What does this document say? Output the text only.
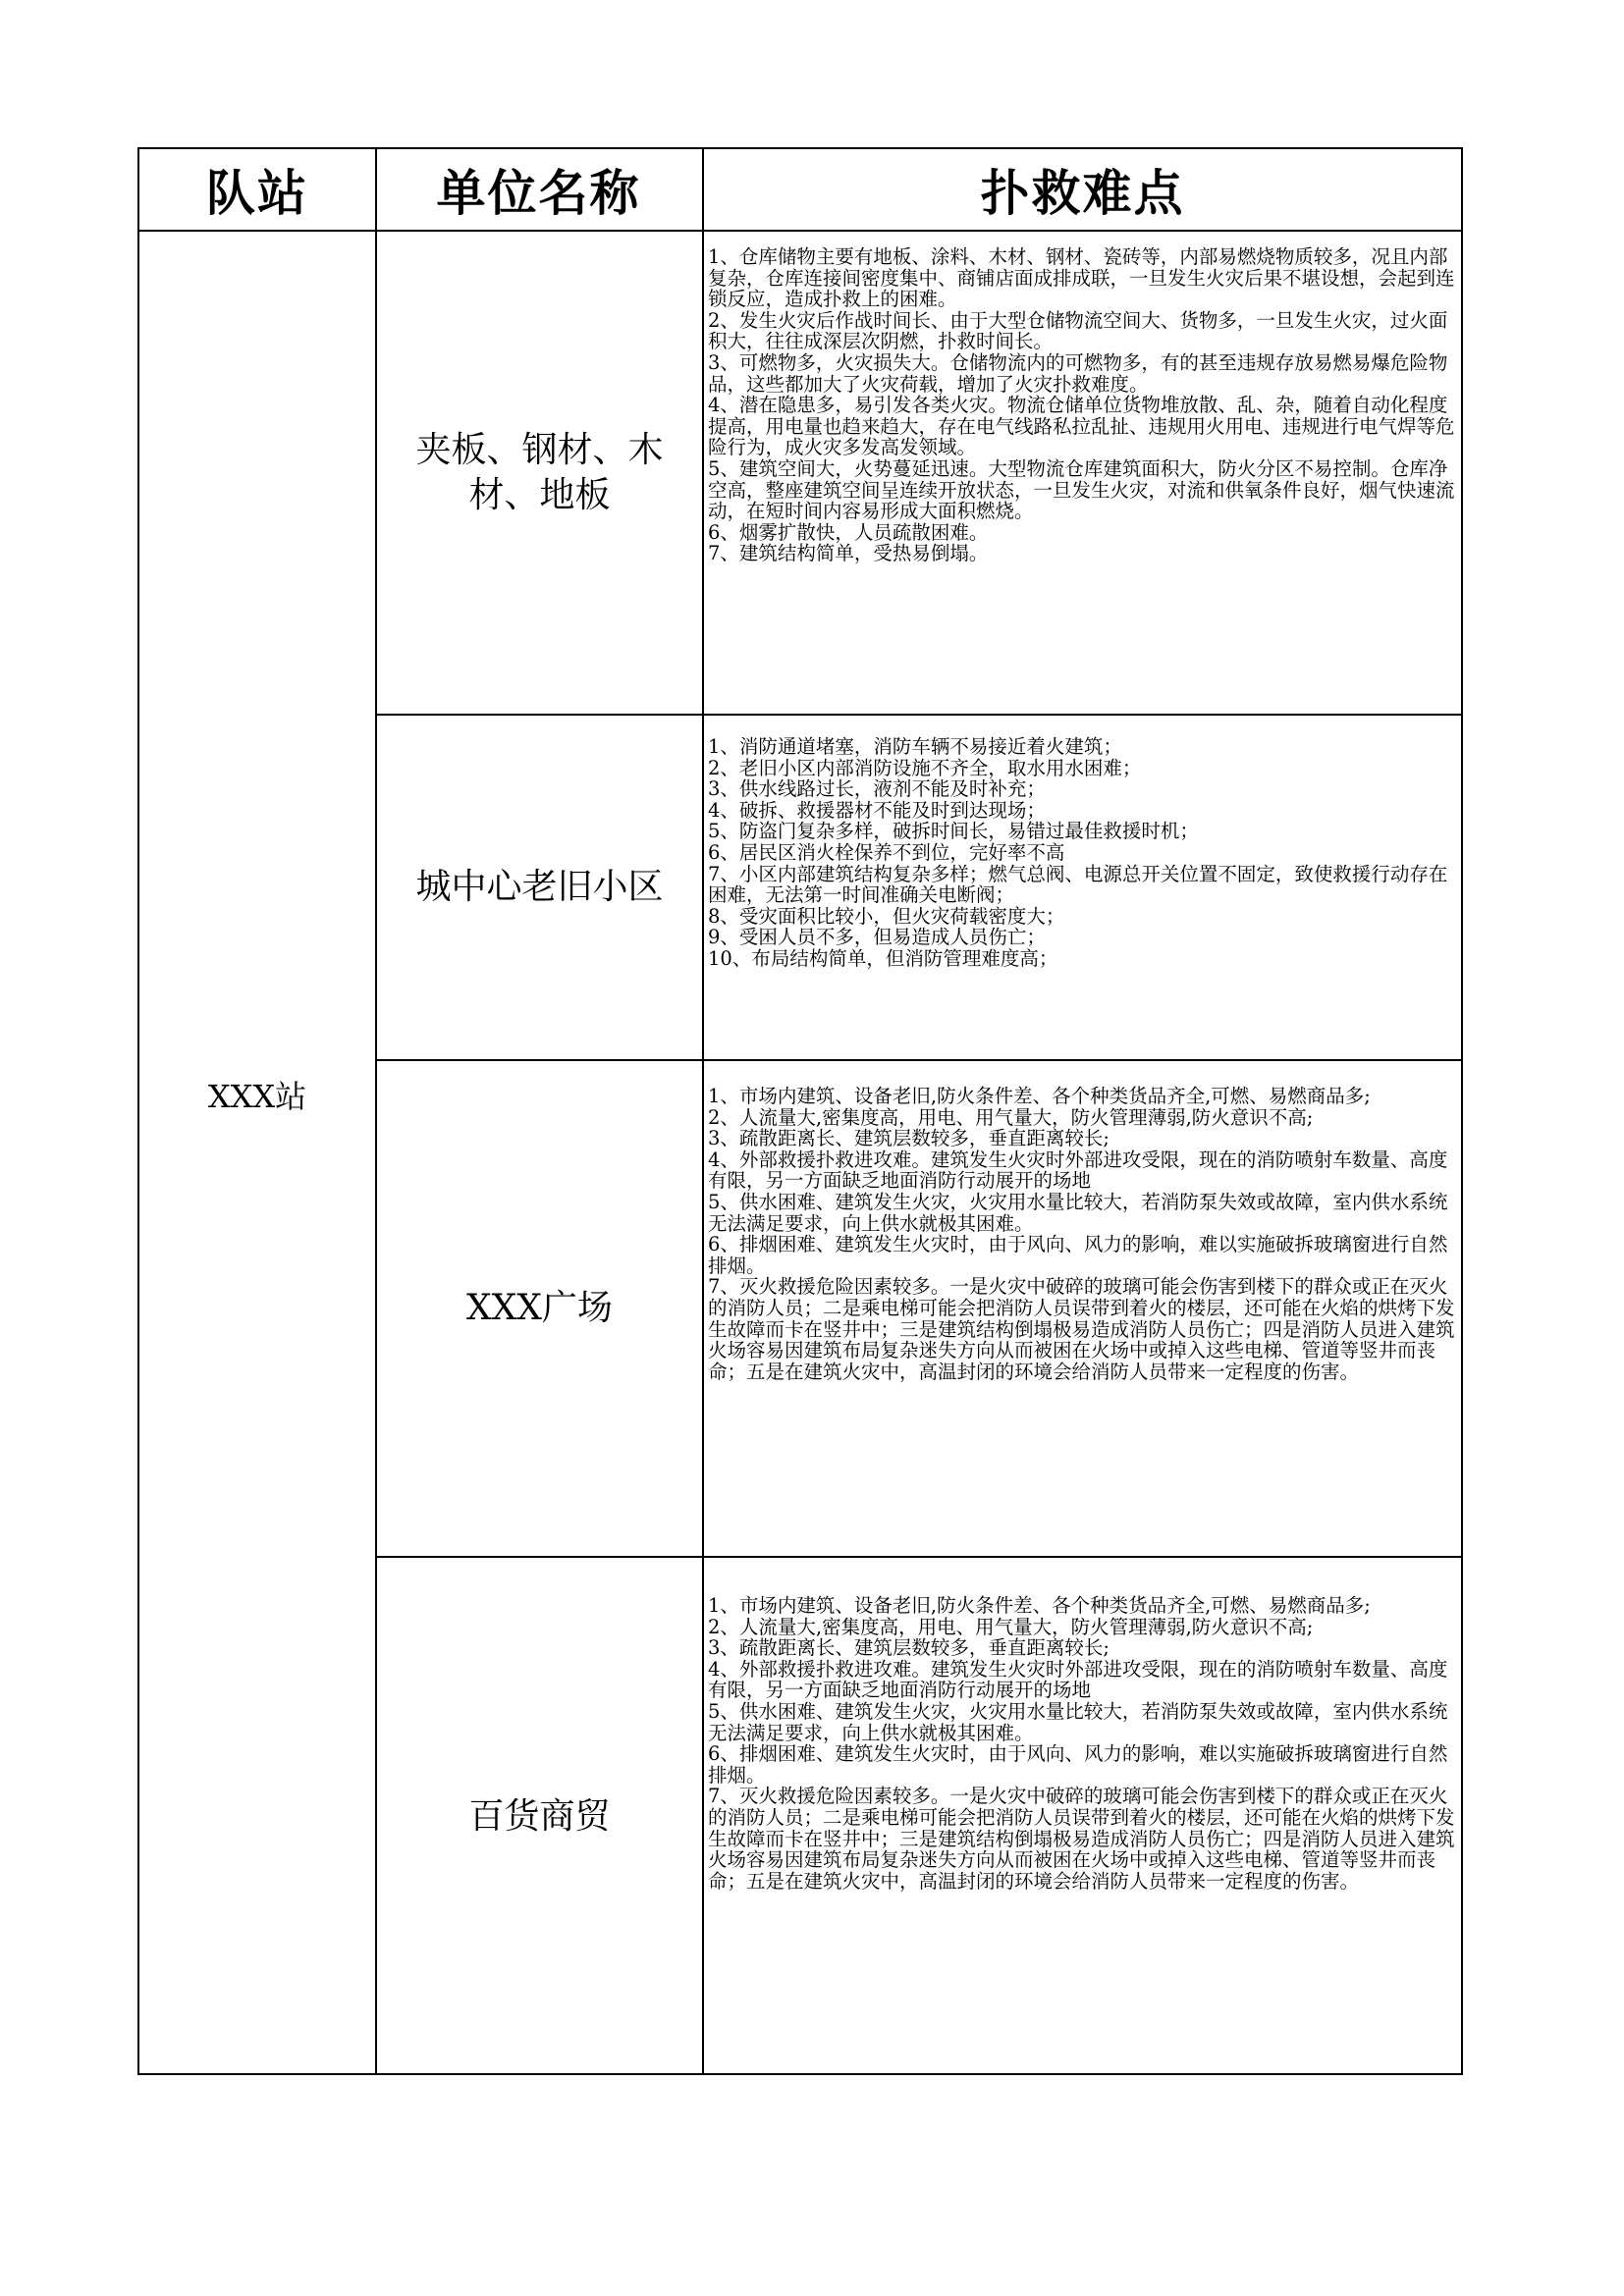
队站	单位名称	扑救难点
XXX站
夹板、钢材、木材、地板
1、仓库储物主要有地板、涂料、木材、钢材、瓷砖等，内部易燃烧物质较多，况且内部复杂，仓库连接间密度集中、商铺店面成排成联，一旦发生火灾后果不堪设想，会起到连锁反应，造成扑救上的困难。
2、发生火灾后作战时间长、由于大型仓储物流空间大、货物多，一旦发生火灾，过火面积大，往往成深层次阴燃，扑救时间长。
3、可燃物多，火灾损失大。仓储物流内的可燃物多，有的甚至违规存放易燃易爆危险物品，这些都加大了火灾荷载，增加了火灾扑救难度。
4、潜在隐患多，易引发各类火灾。物流仓储单位货物堆放散、乱、杂，随着自动化程度提高，用电量也趋来趋大，存在电气线路私拉乱扯、违规用火用电、违规进行电气焊等危险行为，成火灾多发高发领域。
5、建筑空间大，火势蔓延迅速。大型物流仓库建筑面积大，防火分区不易控制。仓库净空高，整座建筑空间呈连续开放状态，一旦发生火灾，对流和供氧条件良好，烟气快速流动，在短时间内容易形成大面积燃烧。
6、烟雾扩散快，人员疏散困难。
7、建筑结构简单，受热易倒塌。
城中心老旧小区
1、消防通道堵塞，消防车辆不易接近着火建筑；
2、老旧小区内部消防设施不齐全，取水用水困难；
3、供水线路过长，液剂不能及时补充；
4、破拆、救援器材不能及时到达现场；
5、防盗门复杂多样，破拆时间长，易错过最佳救援时机；
6、居民区消火栓保养不到位，完好率不高
7、小区内部建筑结构复杂多样；燃气总阀、电源总开关位置不固定，致使救援行动存在困难，无法第一时间准确关电断阀；
8、受灾面积比较小，但火灾荷载密度大；
9、受困人员不多，但易造成人员伤亡；
10、布局结构简单，但消防管理难度高；
XXX广场
1、市场内建筑、设备老旧,防火条件差、各个种类货品齐全,可燃、易燃商品多;
2、人流量大,密集度高，用电、用气量大，防火管理薄弱,防火意识不高;
3、疏散距离长、建筑层数较多，垂直距离较长;
4、外部救援扑救进攻难。建筑发生火灾时外部进攻受限，现在的消防喷射车数量、高度有限，另一方面缺乏地面消防行动展开的场地
5、供水困难、建筑发生火灾，火灾用水量比较大，若消防泵失效或故障，室内供水系统无法满足要求，向上供水就极其困难。
6、排烟困难、建筑发生火灾时，由于风向、风力的影响，难以实施破拆玻璃窗进行自然排烟。
7、灭火救援危险因素较多。一是火灾中破碎的玻璃可能会伤害到楼下的群众或正在灭火的消防人员；二是乘电梯可能会把消防人员误带到着火的楼层，还可能在火焰的烘烤下发生故障而卡在竖井中；三是建筑结构倒塌极易造成消防人员伤亡；四是消防人员进入建筑火场容易因建筑布局复杂迷失方向从而被困在火场中或掉入这些电梯、管道等竖井而丧命；五是在建筑火灾中，高温封闭的环境会给消防人员带来一定程度的伤害。
百货商贸
1、市场内建筑、设备老旧,防火条件差、各个种类货品齐全,可燃、易燃商品多;
2、人流量大,密集度高，用电、用气量大，防火管理薄弱,防火意识不高;
3、疏散距离长、建筑层数较多，垂直距离较长;
4、外部救援扑救进攻难。建筑发生火灾时外部进攻受限，现在的消防喷射车数量、高度有限，另一方面缺乏地面消防行动展开的场地
5、供水困难、建筑发生火灾，火灾用水量比较大，若消防泵失效或故障，室内供水系统无法满足要求，向上供水就极其困难。
6、排烟困难、建筑发生火灾时，由于风向、风力的影响，难以实施破拆玻璃窗进行自然排烟。
7、灭火救援危险因素较多。一是火灾中破碎的玻璃可能会伤害到楼下的群众或正在灭火的消防人员；二是乘电梯可能会把消防人员误带到着火的楼层，还可能在火焰的烘烤下发生故障而卡在竖井中；三是建筑结构倒塌极易造成消防人员伤亡；四是消防人员进入建筑火场容易因建筑布局复杂迷失方向从而被困在火场中或掉入这些电梯、管道等竖井而丧命；五是在建筑火灾中，高温封闭的环境会给消防人员带来一定程度的伤害。
